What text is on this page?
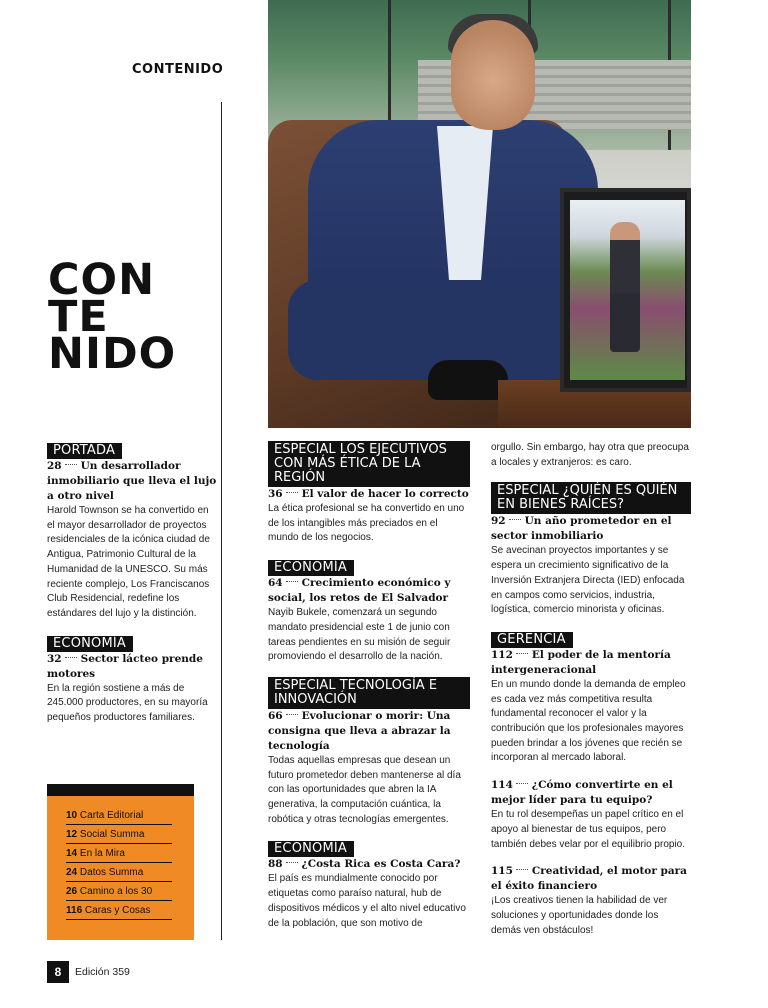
CONTENIDO
CON
TE
NIDO
PORTADA
28 Un desarrollador inmobiliario que lleva el lujo a otro nivel
Harold Townson se ha convertido en el mayor desarrollador de proyectos residenciales de la icónica ciudad de Antigua, Patrimonio Cultural de la Humanidad de la UNESCO. Su más reciente complejo, Los Franciscanos Club Residencial, redefine los estándares del lujo y la distinción.
ECONOMÍA
32 Sector lácteo prende motores
En la región sostiene a más de 245.000 productores, en su mayoría pequeños productores familiares.
ESPECIAL LOS EJECUTIVOS CON MÁS ÉTICA DE LA REGIÓN
36 El valor de hacer lo correcto
La ética profesional se ha convertido en uno de los intangibles más preciados en el mundo de los negocios.
ECONOMÍA
64 Crecimiento económico y social, los retos de El Salvador
Nayib Bukele, comenzará un segundo mandato presidencial este 1 de junio con tareas pendientes en su misión de seguir promoviendo el desarrollo de la nación.
ESPECIAL TECNOLOGÍA E INNOVACIÓN
66 Evolucionar o morir: Una consigna que lleva a abrazar la tecnología
Todas aquellas empresas que desean un futuro prometedor deben mantenerse al día con las oportunidades que abren la IA generativa, la computación cuántica, la robótica y otras tecnologías emergentes.
ECONOMÍA
88 ¿Costa Rica es Costa Cara?
El país es mundialmente conocido por etiquetas como paraíso natural, hub de dispositivos médicos y el alto nivel educativo de la población, que son motivo de
orgullo. Sin embargo, hay otra que preocupa a locales y extranjeros: es caro.
ESPECIAL ¿QUIÉN ES QUIÉN EN BIENES RAÍCES?
92 Un año prometedor en el sector inmobiliario
Se avecinan proyectos importantes y se espera un crecimiento significativo de la Inversión Extranjera Directa (IED) enfocada en campos como servicios, industria, logística, comercio minorista y oficinas.
GERENCIA
112 El poder de la mentoría intergeneracional
En un mundo donde la demanda de empleo es cada vez más competitiva resulta fundamental reconocer el valor y la contribución que los profesionales mayores pueden brindar a los jóvenes que recién se incorporan al mercado laboral.
114 ¿Cómo convertirte en el mejor líder para tu equipo?
En tu rol desempeñas un papel crítico en el apoyo al bienestar de tus equipos, pero también debes velar por el equilibrio propio.
115 Creatividad, el motor para el éxito financiero
¡Los creativos tienen la habilidad de ver soluciones y oportunidades donde los demás ven obstáculos!
10 Carta Editorial
12 Social Summa
14 En la Mira
24 Datos Summa
26 Camino a los 30
116 Caras y Cosas
8	Edición 359
